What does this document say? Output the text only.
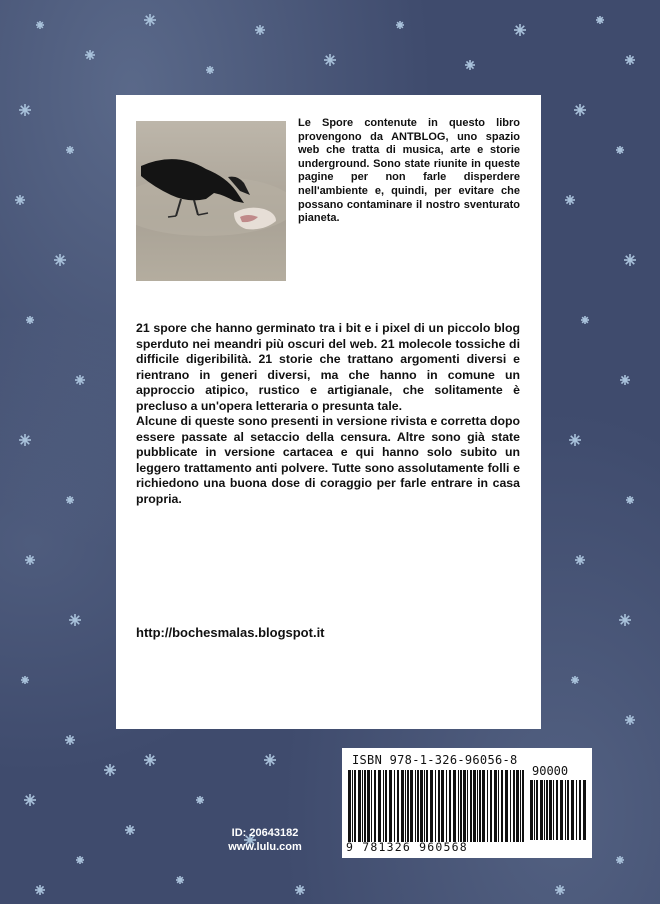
Le Spore contenute in questo libro provengono da ANTBLOG, uno spazio web che tratta di musica, arte e storie underground. Sono state riunite in queste pagine per non farle disperdere nell'ambiente e, quindi, per evitare che possano contaminare il nostro sventurato pianeta.

21 spore che hanno germinato tra i bit e i pixel di un piccolo blog sperduto nei meandri più oscuri del web. 21 molecole tossiche di difficile digeribilità. 21 storie che trattano argomenti diversi e rientrano in generi diversi, ma che hanno in comune un approccio atipico, rustico e artigianale, che solitamente è precluso a un'opera letteraria o presunta tale.

Alcune di queste sono presenti in versione rivista e corretta dopo essere passate al setaccio della censura. Altre sono già state pubblicate in versione cartacea e qui hanno solo subito un leggero trattamento anti polvere. Tutte sono assolutamente folli e richiedono una buona dose di coraggio per farle entrare in casa propria.

http://bochesmalas.blogspot.it
ID: 20643182
www.lulu.com
ISBN 978-1-326-96056-8
90000
9 781326 960568
